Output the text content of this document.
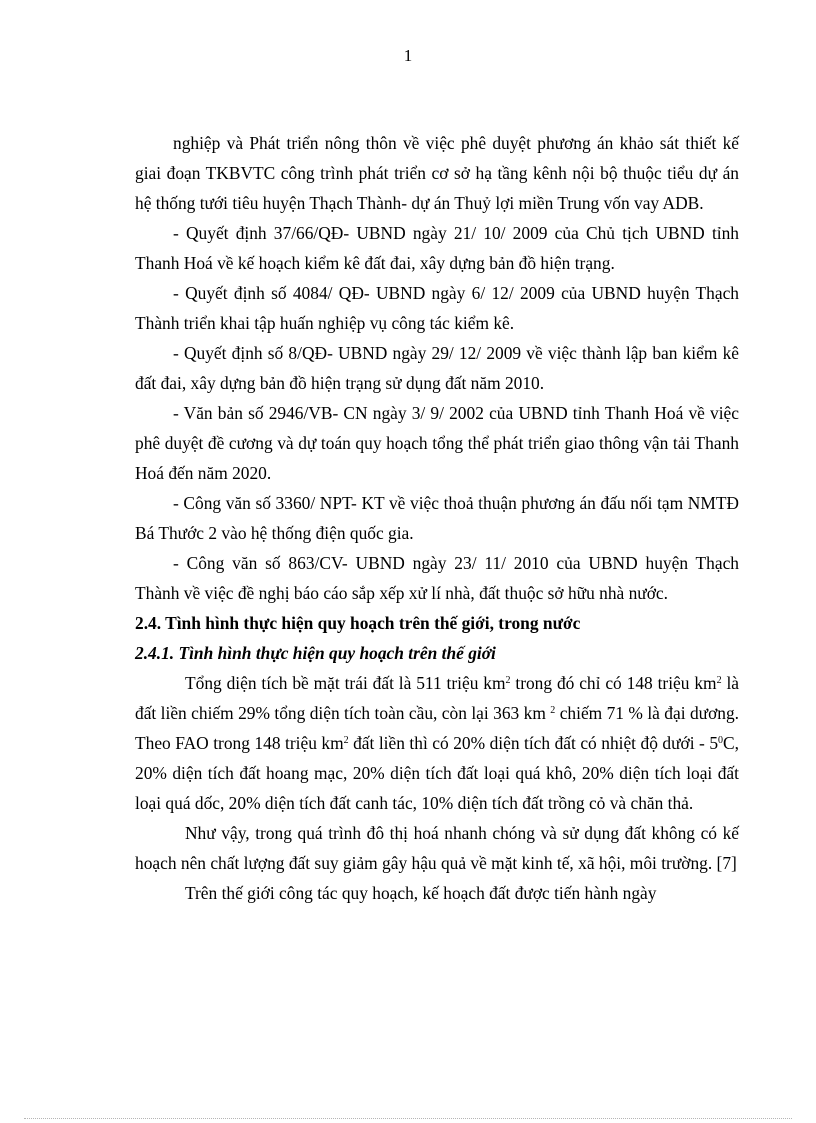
1

nghiệp và Phát triển nông thôn về việc phê duyệt phương án khảo sát thiết kế giai đoạn TKBVTC công trình phát triển cơ sở hạ tầng kênh nội bộ thuộc tiểu dự án hệ thống tưới tiêu huyện Thạch Thành- dự án Thuỷ lợi miền Trung vốn vay ADB.

- Quyết định 37/66/QĐ- UBND ngày 21/ 10/ 2009 của Chủ tịch UBND tỉnh Thanh Hoá về kế hoạch kiểm kê đất đai, xây dựng bản đồ hiện trạng.

- Quyết định số 4084/ QĐ- UBND ngày 6/ 12/ 2009 của UBND huyện Thạch Thành triển khai tập huấn nghiệp vụ công tác kiểm kê.

- Quyết định số 8/QĐ- UBND ngày 29/ 12/ 2009 về việc thành lập ban kiểm kê đất đai, xây dựng bản đồ hiện trạng sử dụng đất năm 2010.

- Văn bản số 2946/VB- CN ngày 3/ 9/ 2002 của UBND tỉnh Thanh Hoá về việc phê duyệt đề cương và dự toán quy hoạch tổng thể phát triển giao thông vận tải Thanh Hoá đến năm 2020.

- Công văn số 3360/ NPT- KT về việc thoả thuận phương án đấu nối tạm NMTĐ Bá Thước 2 vào hệ thống điện quốc gia.

- Công văn số 863/CV- UBND ngày 23/ 11/ 2010 của UBND huyện Thạch Thành về việc đề nghị báo cáo sắp xếp xử lí nhà, đất thuộc sở hữu nhà nước.

2.4. Tình hình thực hiện quy hoạch trên thế giới, trong nước

2.4.1. Tình hình thực hiện quy hoạch trên thế giới

Tổng diện tích bề mặt trái đất là 511 triệu $km^2$ trong đó chỉ có 148 triệu $km^2$ là đất liền chiếm 29% tổng diện tích toàn cầu, còn lại 363 km $^2$ chiếm 71 % là đại dương. Theo FAO trong 148 triệu $km^2$ đất liền thì có 20% diện tích đất có nhiệt độ dưới - $5^0C$, 20% diện tích đất hoang mạc, 20% diện tích đất loại quá khô, 20% diện tích loại đất loại quá dốc, 20% diện tích đất canh tác, 10% diện tích đất trồng cỏ và chăn thả.

Như vậy, trong quá trình đô thị hoá nhanh chóng và sử dụng đất không có kế hoạch nên chất lượng đất suy giảm gây hậu quả về mặt kinh tế, xã hội, môi trường. [7]

Trên thế giới công tác quy hoạch, kế hoạch đất được tiến hành ngày
